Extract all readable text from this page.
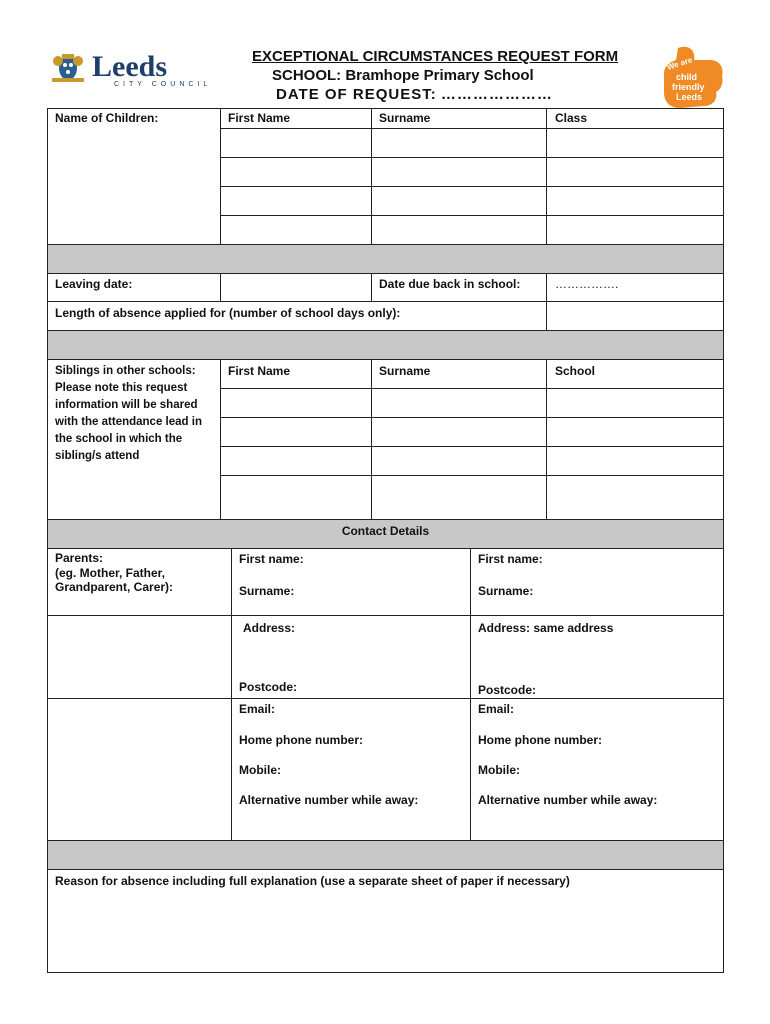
Leeds
CITY COUNCIL
We are
child
friendly
Leeds
EXCEPTIONAL CIRCUMSTANCES REQUEST FORM
SCHOOL: Bramhope Primary School
DATE OF REQUEST: …………………
Name of Children:	First Name	Surname	Class
Leaving date:	Date due back in school:	…………….
Length of absence applied for (number of school days only):
Siblings in other schools: Please note this request information will be shared with the attendance lead in the school in which the sibling/s attend
First Name	Surname	School
Contact Details
Parents:
(eg. Mother, Father, Grandparent, Carer):
First name:
Surname:
First name:
Surname:
Address:
Postcode:
Address: same address
Postcode:
Email:
Home phone number:
Mobile:
Alternative number while away:
Email:
Home phone number:
Mobile:
Alternative number while away:
Reason for absence including full explanation (use a separate sheet of paper if necessary)
